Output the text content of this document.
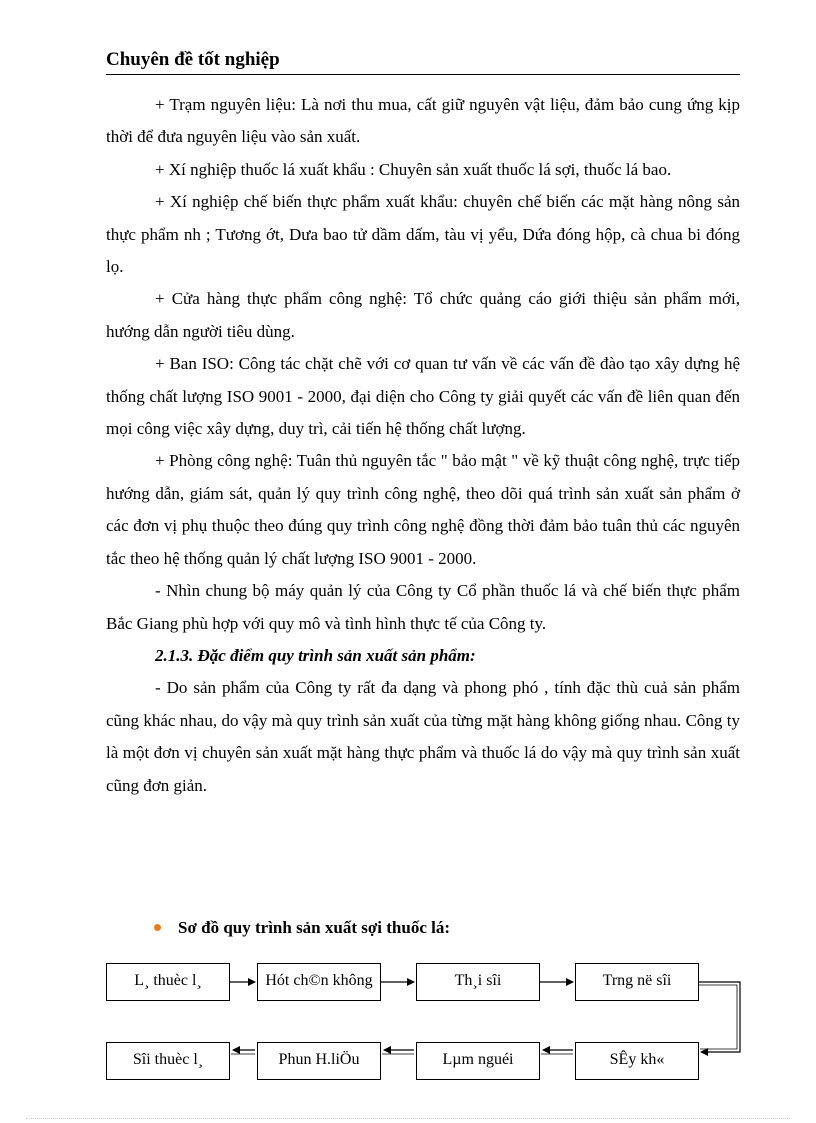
Chuyên đề tốt nghiệp

+ Trạm nguyên liệu: Là nơi thu mua, cất giữ nguyên vật liệu, đảm bảo cung ứng kịp thời để đưa nguyên liệu vào sản xuất.

+ Xí nghiệp thuốc lá xuất khẩu : Chuyên sản xuất thuốc lá sợi, thuốc lá bao.

+ Xí nghiệp chế biến thực phẩm xuất khẩu: chuyên chế biến các mặt hàng nông sản thực phẩm nh ; Tương ớt, Dưa bao tử dầm dấm, tàu vị yểu, Dứa đóng hộp, cà chua bi đóng lọ.

+ Cửa hàng thực phẩm công nghệ: Tổ chức quảng cáo giới thiệu sản phẩm mới, hướng dẫn người tiêu dùng.

+ Ban ISO: Công tác chặt chẽ với cơ quan tư vấn về các vấn đề đào tạo xây dựng hệ thống chất lượng ISO 9001 - 2000, đại diện cho Công ty giải quyết các vấn đề liên quan đến mọi công việc xây dựng, duy trì, cải tiến hệ thống chất lượng.

+ Phòng công nghệ: Tuân thủ nguyên tắc " bảo mật " về kỹ thuật công nghệ, trực tiếp hướng dẫn, giám sát, quản lý quy trình công nghệ, theo dõi quá trình sản xuất sản phẩm ở các đơn vị phụ thuộc theo đúng quy trình công nghệ đồng thời đảm bảo tuân thủ các nguyên tắc theo hệ thống quản lý chất lượng ISO 9001 - 2000.

- Nhìn chung bộ máy quản lý của Công ty Cổ phần thuốc lá và chế biến thực phẩm Bắc Giang phù hợp với quy mô và tình hình thực tế của Công ty.

2.1.3. Đặc điểm quy trình sản xuất sản phẩm:

- Do sản phẩm của Công ty rất đa dạng và phong phó , tính đặc thù cuả sản phẩm cũng khác nhau, do vậy mà quy trình sản xuất của từng mặt hàng không giống nhau. Công ty là một đơn vị chuyên sản xuất mặt hàng thực phẩm và thuốc lá do vậy mà quy trình sản xuất cũng đơn giản.

Sơ đồ quy trình sản xuất sợi thuốc lá:
L¸ thuèc l¸	Hót ch©n không	Th¸i sîi	Trng në sîi
Sîi thuèc l¸	Phun H.liÖu	Lµm nguéi	SÊy kh«
